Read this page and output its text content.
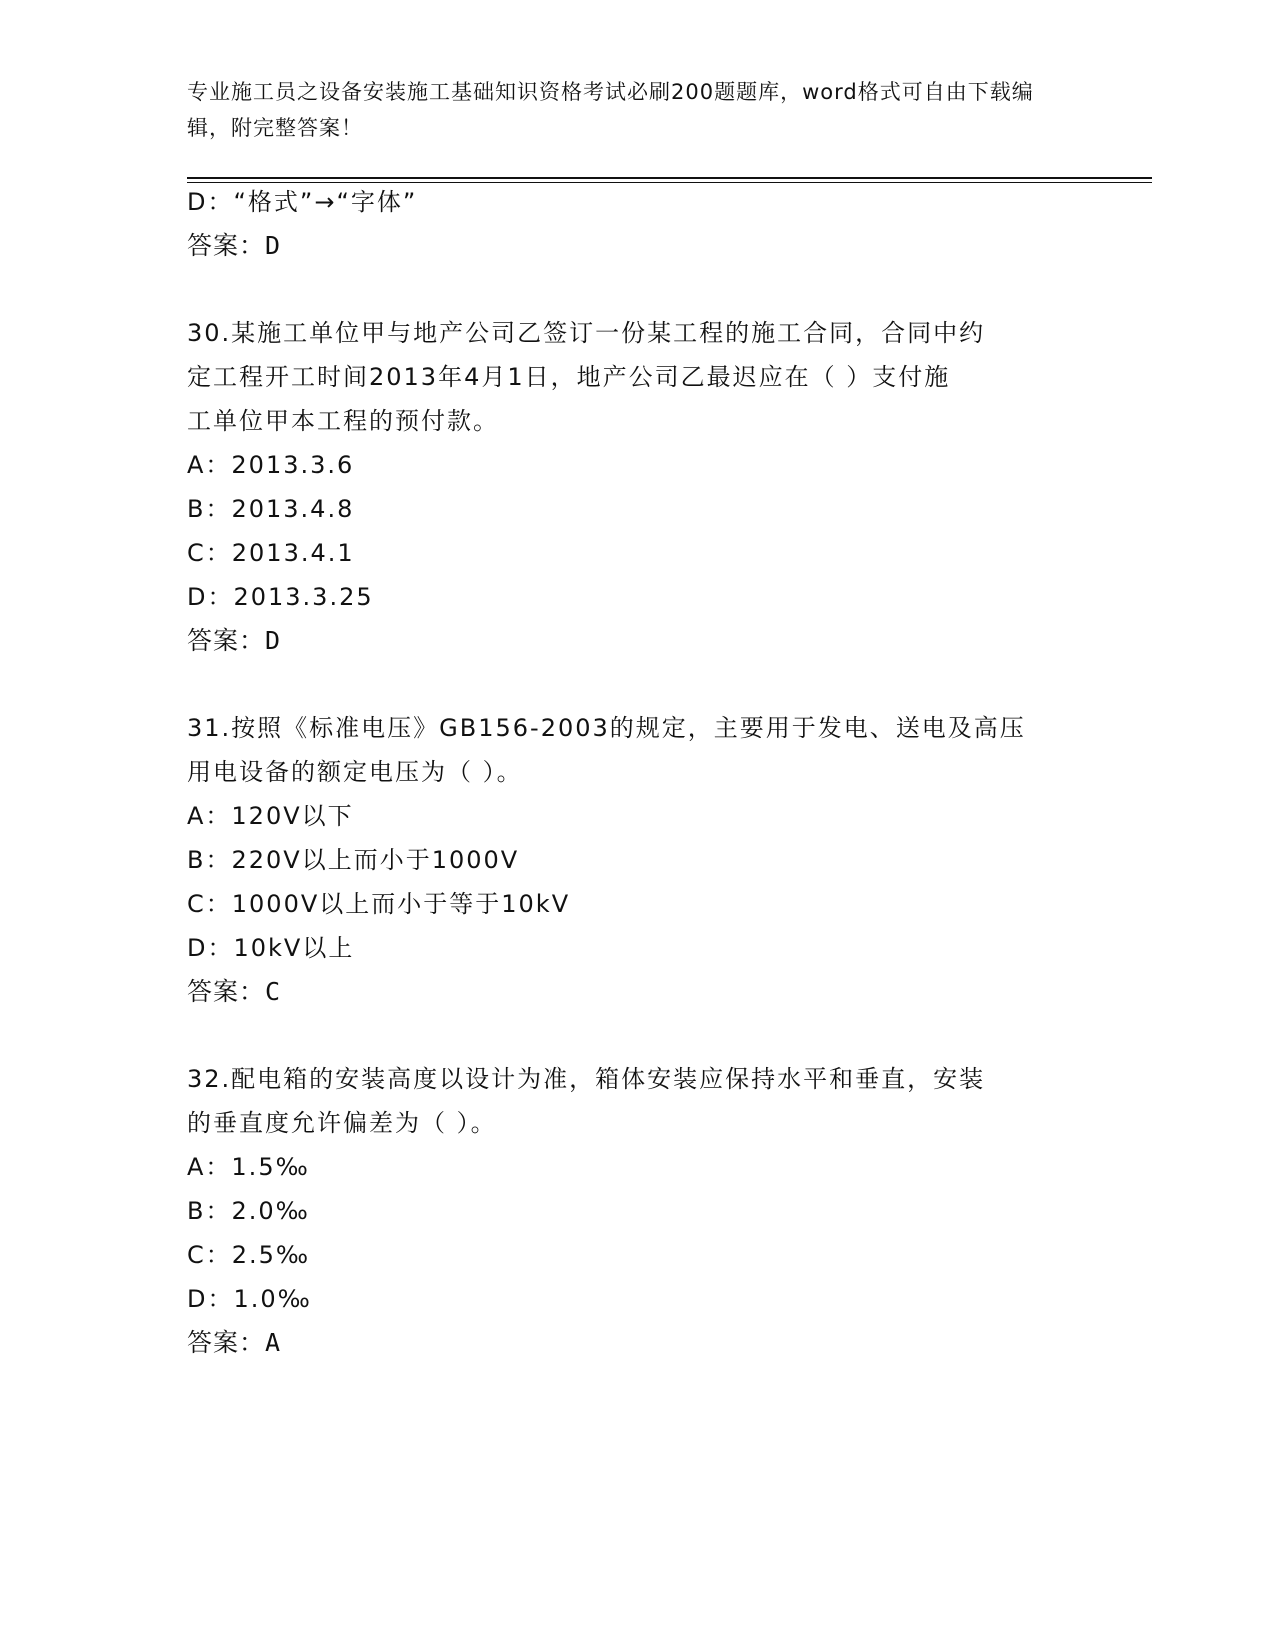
专业施工员之设备安装施工基础知识资格考试必刷200题题库，word格式可自由下载编辑，附完整答案！
D：“格式”→“字体”
答案：D
30.某施工单位甲与地产公司乙签订一份某工程的施工合同，合同中约
定工程开工时间2013年4月1日，地产公司乙最迟应在（ ）支付施
工单位甲本工程的预付款。
A：2013.3.6
B：2013.4.8
C：2013.4.1
D：2013.3.25
答案：D
31.按照《标准电压》GB156-2003的规定，主要用于发电、送电及高压
用电设备的额定电压为（ ）。
A：120V以下
B：220V以上而小于1000V
C：1000V以上而小于等于10kV
D：10kV以上
答案：C
32.配电箱的安装高度以设计为准，箱体安装应保持水平和垂直，安装
的垂直度允许偏差为（ ）。
A：1.5‰
B：2.0‰
C：2.5‰
D：1.0‰
答案：A
